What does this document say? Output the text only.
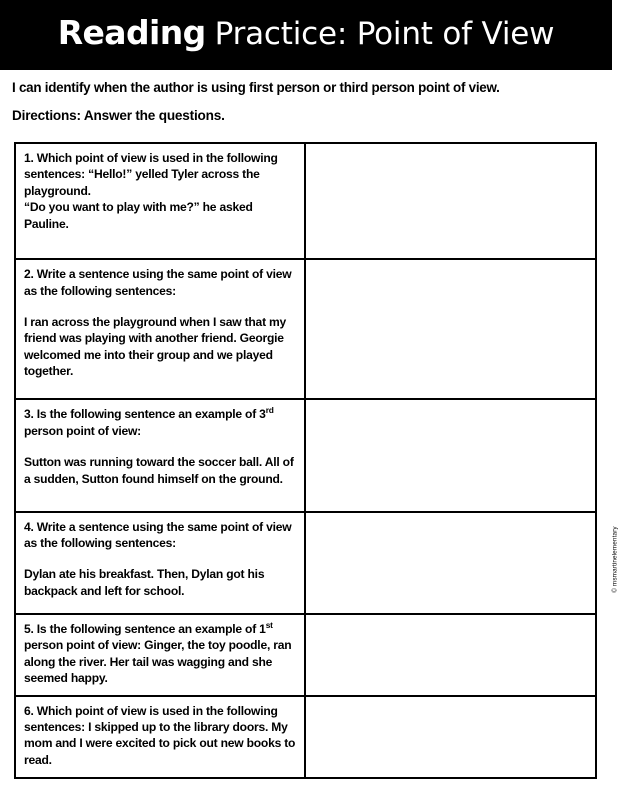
Reading Practice: Point of View
I can identify when the author is using first person or third person point of view.
Directions: Answer the questions.

1. Which point of view is used in the following sentences: “Hello!” yelled Tyler across the playground.

“Do you want to play with me?” he asked Pauline.

2. Write a sentence using the same point of view as the following sentences:

I ran across the playground when I saw that my friend was playing with another friend. Georgie welcomed me into their group and we played together.

3. Is the following sentence an example of 3rd person point of view:

Sutton was running toward the soccer ball. All of a sudden, Sutton found himself on the ground.

4. Write a sentence using the same point of view as the following sentences:

Dylan ate his breakfast. Then, Dylan got his backpack and left for school.

5. Is the following sentence an example of 1st person point of view: Ginger, the toy poodle, ran along the river. Her tail was wagging and she seemed happy.

6. Which point of view is used in the following sentences: I skipped up to the library doors. My mom and I were excited to pick out new books to read.

© msmartinelementary
